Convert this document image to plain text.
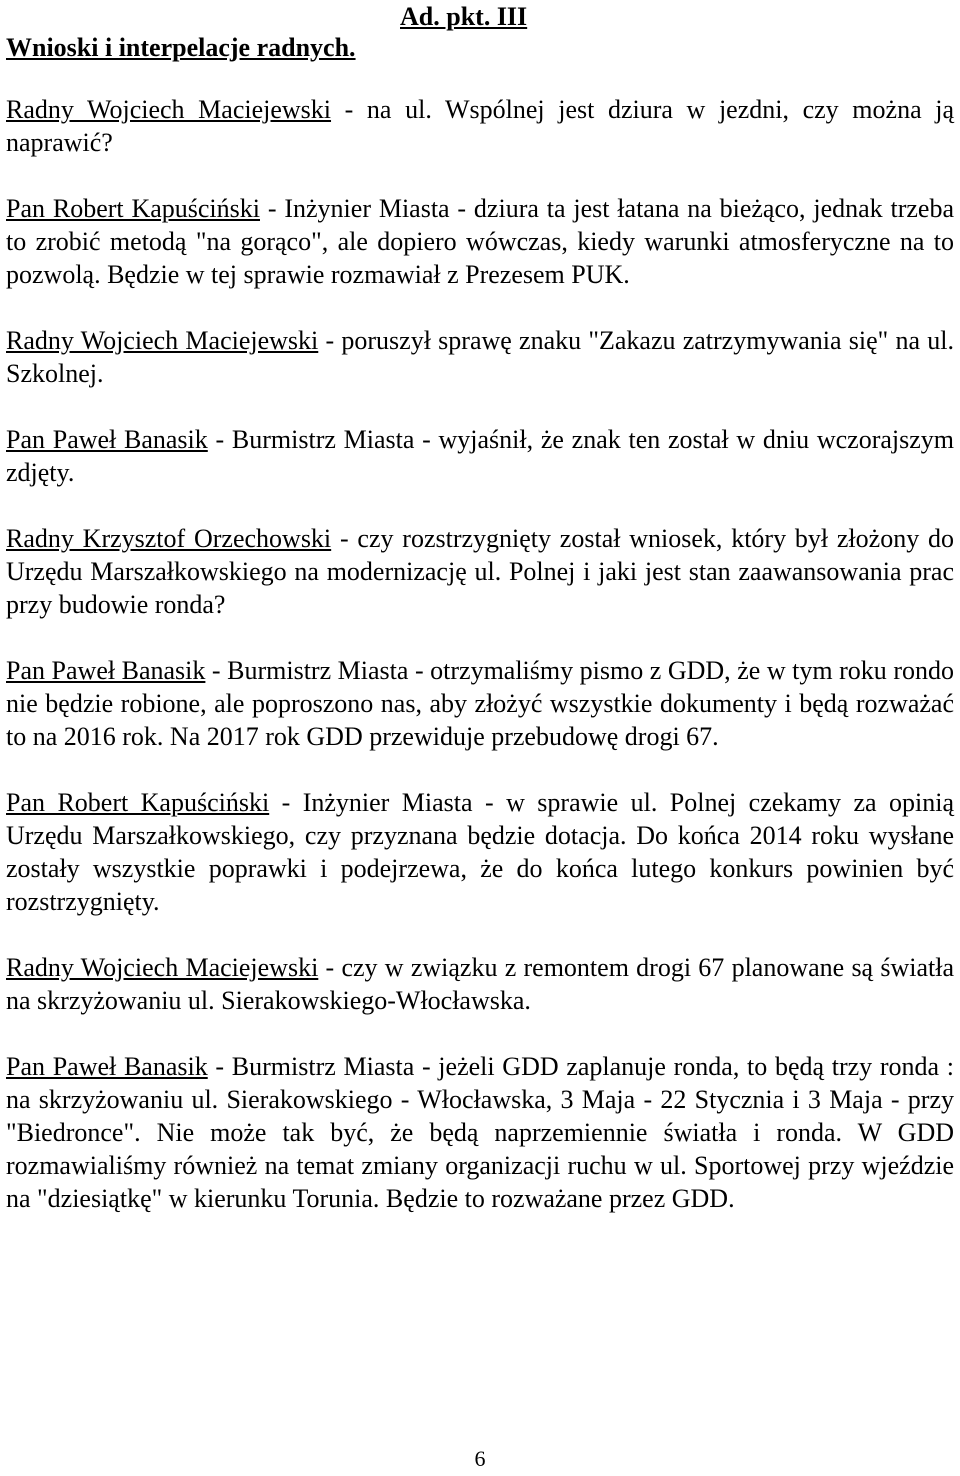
Wnioski i interpelacje radnych.
Ad. pkt. III

Radny Wojciech Maciejewski - na ul. Wspólnej jest dziura w jezdni, czy można ją naprawić?

Pan Robert Kapuściński - Inżynier Miasta - dziura ta jest łatana na bieżąco, jednak trzeba to zrobić metodą "na gorąco", ale dopiero wówczas, kiedy warunki atmosferyczne na to pozwolą. Będzie w tej sprawie rozmawiał z Prezesem PUK.

Radny Wojciech Maciejewski - poruszył sprawę znaku "Zakazu zatrzymywania się" na ul. Szkolnej.

Pan Paweł Banasik - Burmistrz Miasta - wyjaśnił, że znak ten został w dniu wczorajszym zdjęty.

Radny Krzysztof Orzechowski - czy rozstrzygnięty został wniosek, który był złożony do Urzędu Marszałkowskiego na modernizację ul. Polnej i jaki jest stan zaawansowania prac przy budowie ronda?

Pan Paweł Banasik - Burmistrz Miasta - otrzymaliśmy pismo z GDD, że w tym roku rondo nie będzie robione, ale poproszono nas, aby złożyć wszystkie dokumenty i będą rozważać to na 2016 rok. Na 2017 rok GDD przewiduje przebudowę drogi 67.

Pan Robert Kapuściński - Inżynier Miasta - w sprawie ul. Polnej czekamy za opinią Urzędu Marszałkowskiego, czy przyznana będzie dotacja. Do końca 2014 roku wysłane zostały wszystkie poprawki i podejrzewa, że do końca lutego konkurs powinien być rozstrzygnięty.

Radny Wojciech Maciejewski - czy w związku z remontem drogi 67 planowane są światła na skrzyżowaniu ul. Sierakowskiego-Włocławska.

Pan Paweł Banasik - Burmistrz Miasta - jeżeli GDD zaplanuje ronda, to będą trzy ronda : na skrzyżowaniu ul. Sierakowskiego - Włocławska, 3 Maja - 22 Stycznia i 3 Maja - przy "Biedronce". Nie może tak być, że będą naprzemiennie światła i ronda. W GDD rozmawialiśmy również na temat zmiany organizacji ruchu w ul. Sportowej przy wjeździe na "dziesiątkę" w kierunku Torunia. Będzie to rozważane przez GDD.

6
